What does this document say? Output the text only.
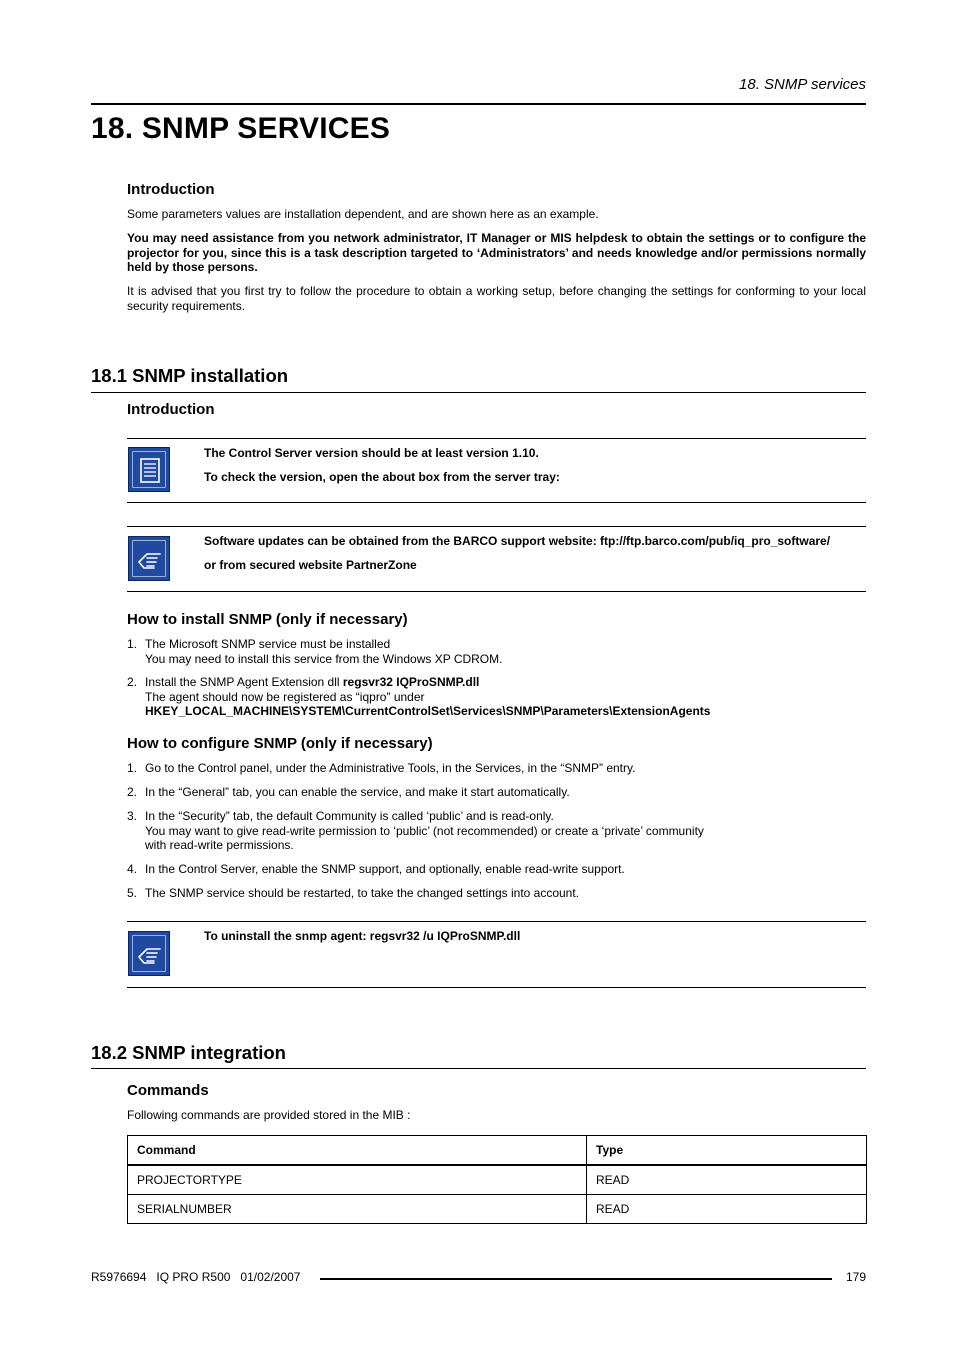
18. SNMP services
18. SNMP SERVICES
Introduction
Some parameters values are installation dependent, and are shown here as an example.
You may need assistance from you network administrator, IT Manager or MIS helpdesk to obtain the settings or to configure the projector for you, since this is a task description targeted to ‘Administrators’ and needs knowledge and/or permissions normally held by those persons.
It is advised that you first try to follow the procedure to obtain a working setup, before changing the settings for conforming to your local security requirements.
18.1 SNMP installation
Introduction
The Control Server version should be at least version 1.10.
To check the version, open the about box from the server tray:
Software updates can be obtained from the BARCO support website: ftp://ftp.barco.com/pub/iq_pro_software/
or from secured website PartnerZone
How to install SNMP (only if necessary)
1. The Microsoft SNMP service must be installed
You may need to install this service from the Windows XP CDROM.
2. Install the SNMP Agent Extension dll regsvr32 IQProSNMP.dll
The agent should now be registered as “iqpro” under
HKEY_LOCAL_MACHINE\SYSTEM\CurrentControlSet\Services\SNMP\Parameters\ExtensionAgents
How to configure SNMP (only if necessary)
1. Go to the Control panel, under the Administrative Tools, in the Services, in the “SNMP” entry.
2. In the “General” tab, you can enable the service, and make it start automatically.
3. In the “Security” tab, the default Community is called ‘public’ and is read-only.
You may want to give read-write permission to ‘public’ (not recommended) or create a ‘private’ community
with read-write permissions.
4. In the Control Server, enable the SNMP support, and optionally, enable read-write support.
5. The SNMP service should be restarted, to take the changed settings into account.
To uninstall the snmp agent: regsvr32 /u IQProSNMP.dll
18.2 SNMP integration
Commands
Following commands are provided stored in the MIB :
Command	Type
PROJECTORTYPE	READ
SERIALNUMBER	READ
R5976694   IQ PRO R500   01/02/2007	179
